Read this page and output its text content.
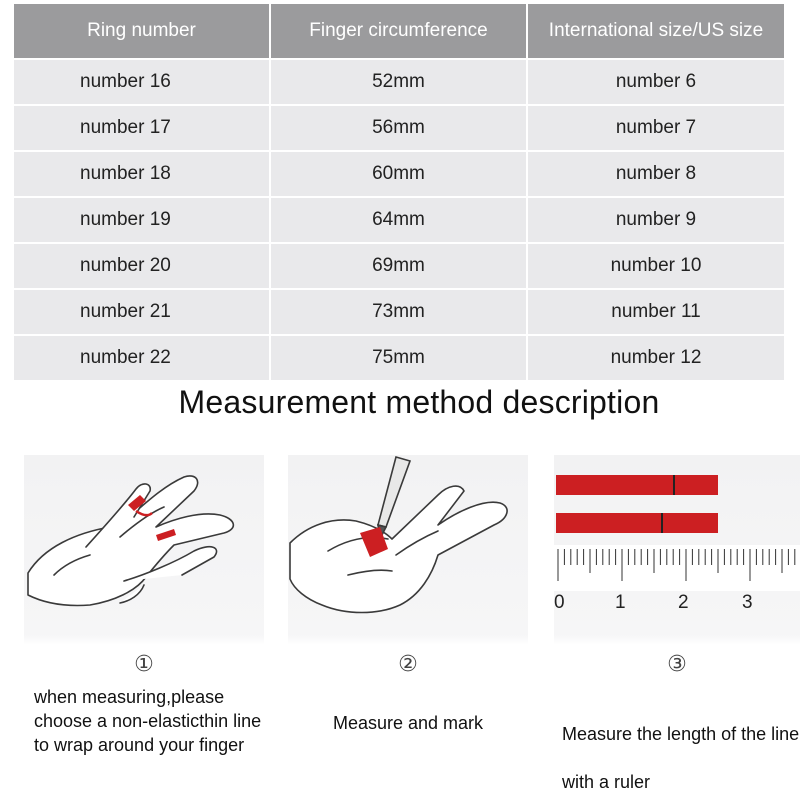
Ring number	Finger circumference	International size/US size
number 16	52mm	number 6
number 17	56mm	number 7
number 18	60mm	number 8
number 19	64mm	number 9
number 20	69mm	number 10
number 21	73mm	number 11
number 22	75mm	number 12
Measurement method description
①
when measuring,please choose a non-elasticthin line to wrap around your finger
②
Measure and mark
0	1	2	3
③
Measure the length of the line with a ruler
